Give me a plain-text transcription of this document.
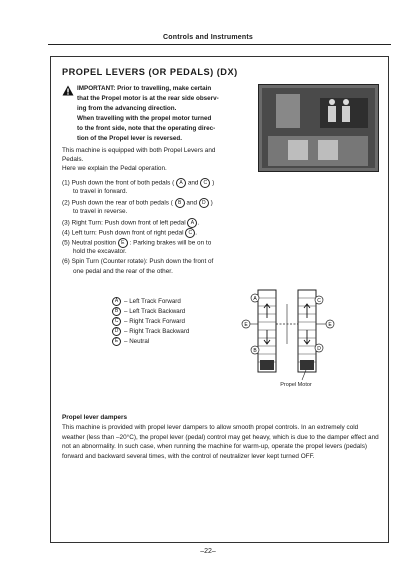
Controls and Instruments
PROPEL LEVERS (OR PEDALS) (DX)
IMPORTANT: Prior to travelling, make certain
that the Propel motor is at the rear side observ-
ing from the advancing direction.
When travelling with the propel motor turned
to the front side, note that the operating direc-
tion of the Propel lever is reversed.
This machine is equipped with both Propel Levers and
Pedals.
Here we explain the Pedal operation.
(1) Push down the front of both pedals ( A and C )
to travel in forward.
(2) Push down the rear of both pedals ( B and D )
to travel in reverse.
(3) Right Turn: Push down front of left pedal A .
(4) Left turn: Push down front of right pedal C .
(5) Neutral position E : Parking brakes will be on to
hold the excavator.
(6) Spin Turn (Counter rotate): Push down the front of
one pedal and the rear of the other.
A – Left Track Forward
B – Left Track Backward
C – Right Track Forward
D – Right Track Backward
E – Neutral
A
B
C
D
E	E
Propel Motor
Propel lever dampers
This machine is provided with propel lever dampers to allow smooth propel controls. In an extremely cold weather (less than –20°C), the propel lever (pedal) control may get heavy, which is due to the damper effect and not an abnormality. In such case, when running the machine for warm-up, operate the propel levers (pedals) forward and backward several times, with the control of neutralizer lever kept turned OFF.
–22–
